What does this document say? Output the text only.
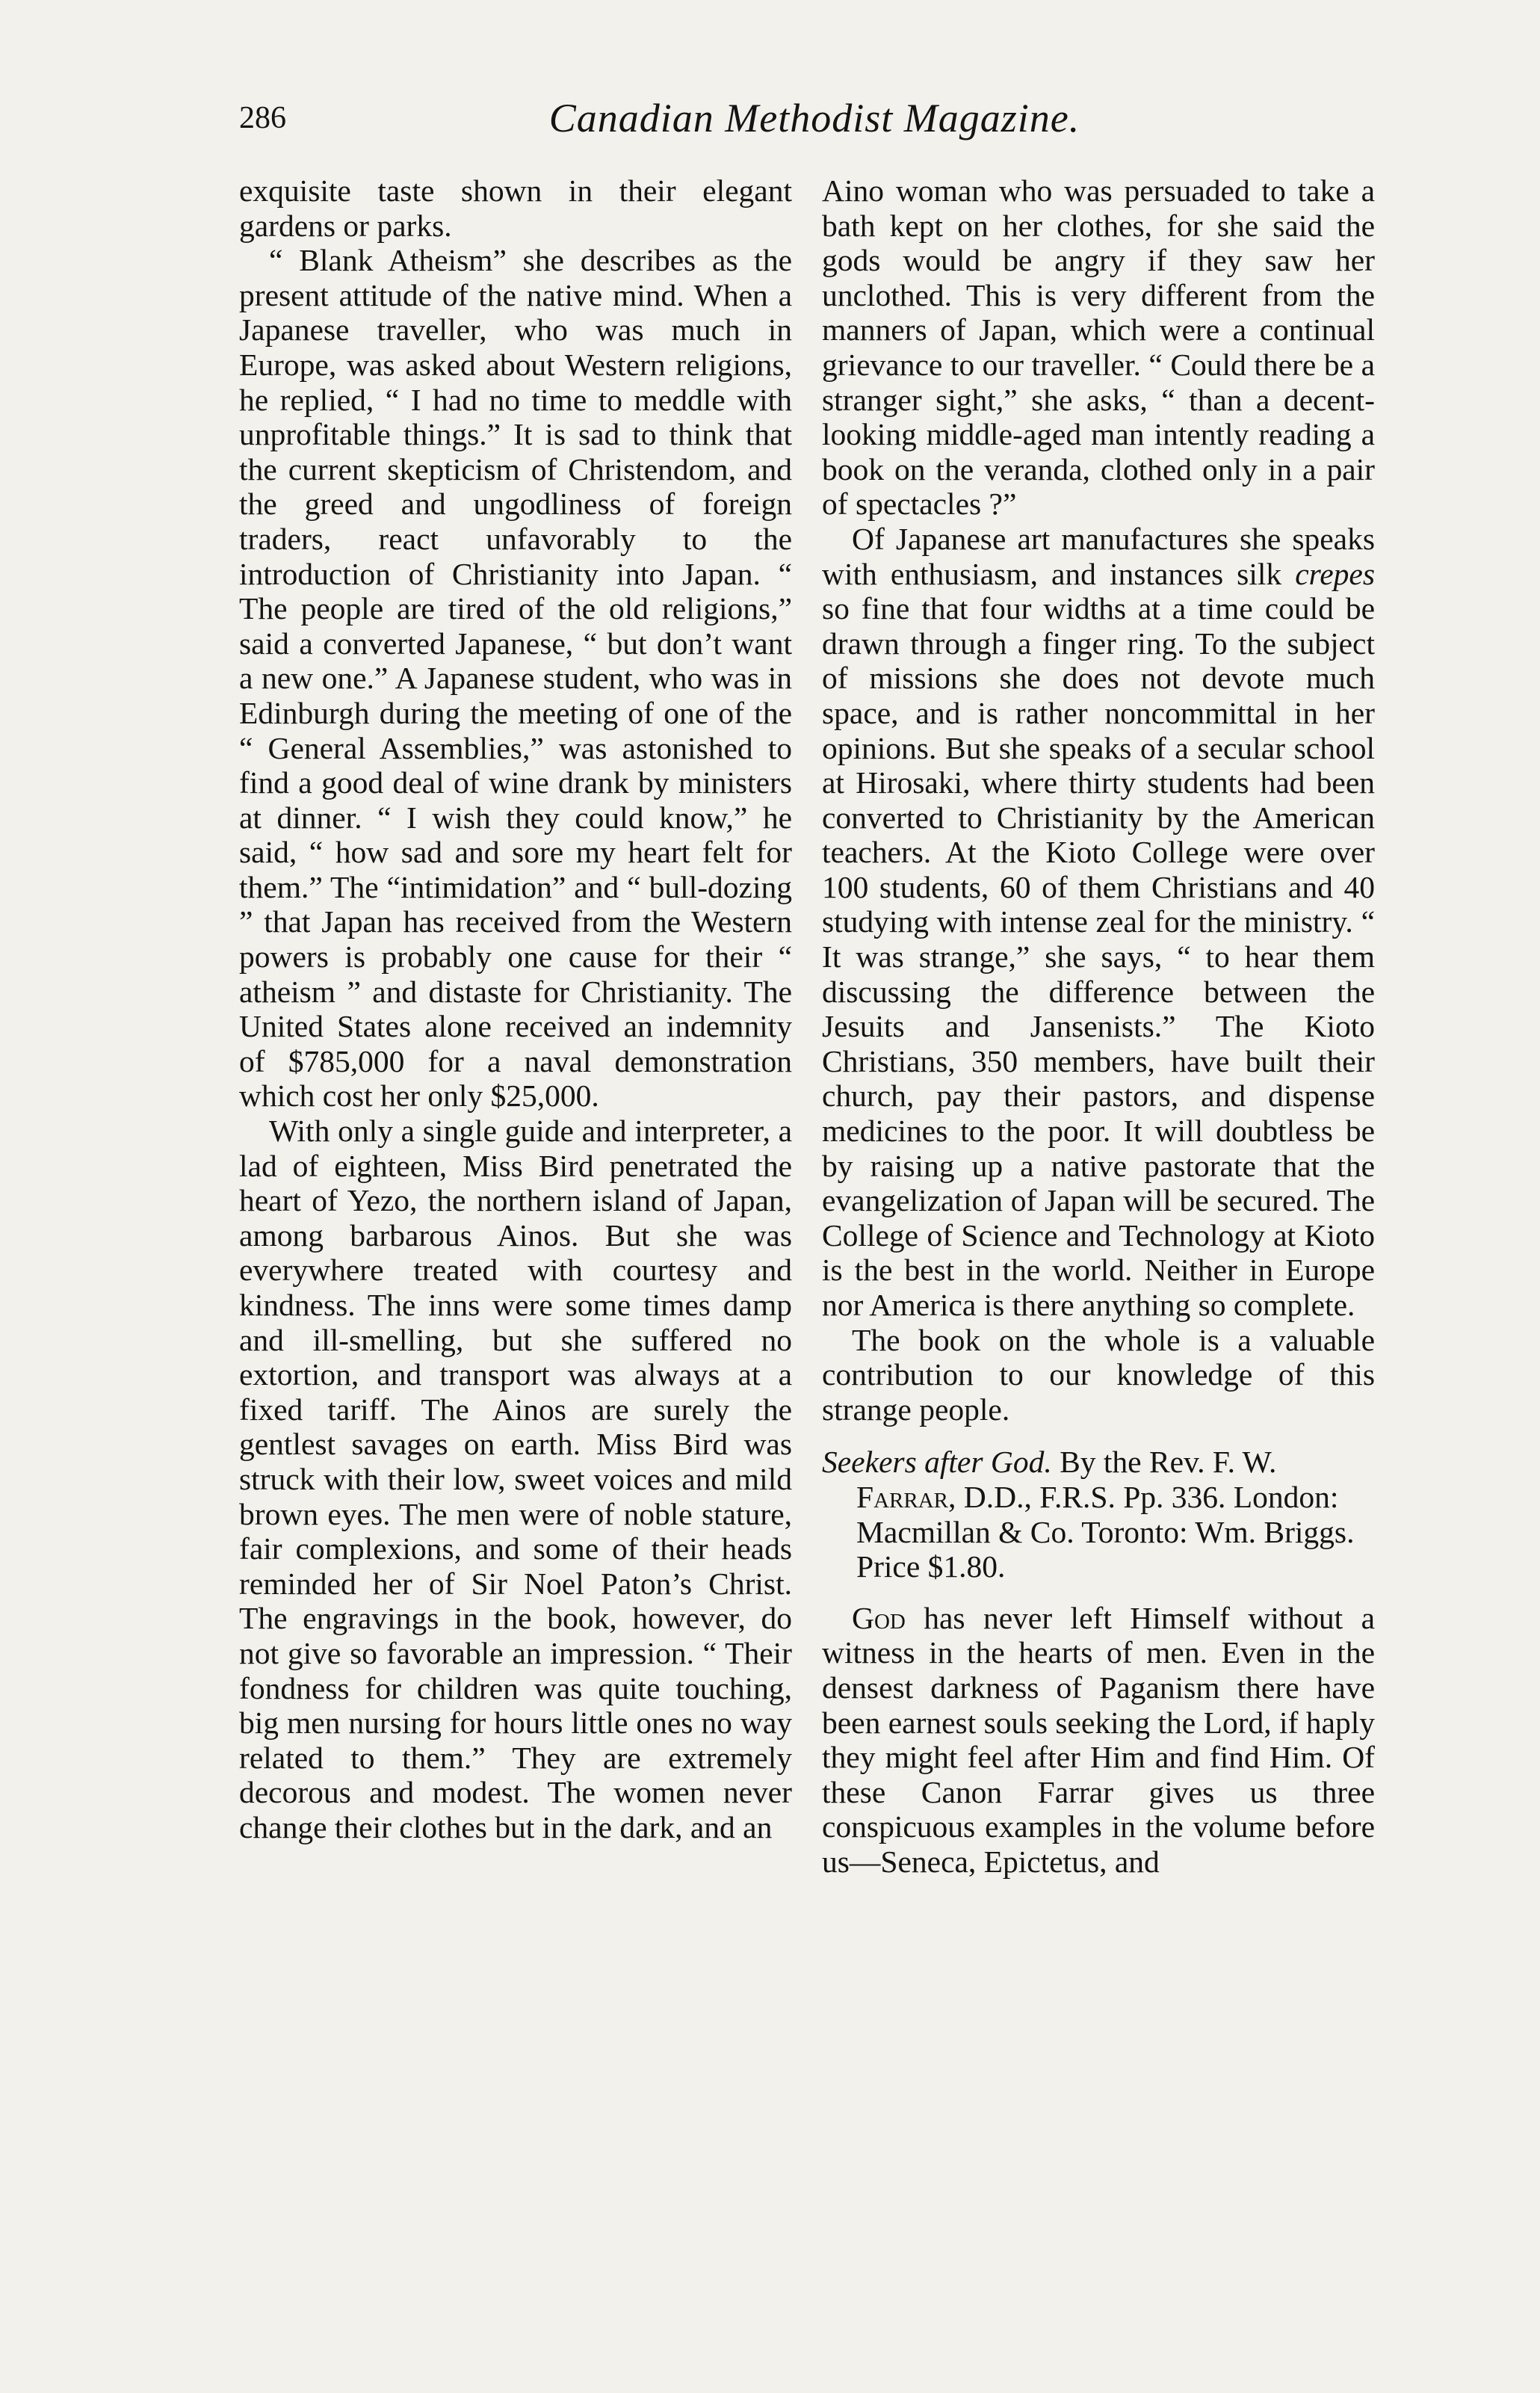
286	Canadian Methodist Magazine.

exquisite taste shown in their elegant gardens or parks.

“ Blank Atheism” she describes as the present attitude of the native mind. When a Japanese traveller, who was much in Europe, was asked about Western religions, he replied, “ I had no time to meddle with unprofitable things.” It is sad to think that the current skepticism of Christendom, and the greed and ungodliness of foreign traders, react unfavorably to the introduction of Christianity into Japan. “ The people are tired of the old religions,” said a converted Japanese, “ but don’t want a new one.” A Japanese student, who was in Edinburgh during the meeting of one of the “ General Assemblies,” was astonished to find a good deal of wine drank by ministers at dinner. “ I wish they could know,” he said, “ how sad and sore my heart felt for them.” The “intimidation” and “ bull-dozing ” that Japan has received from the Western powers is probably one cause for their “ atheism ” and distaste for Christianity. The United States alone received an indemnity of $785,000 for a naval demonstration which cost her only $25,000.

With only a single guide and interpreter, a lad of eighteen, Miss Bird penetrated the heart of Yezo, the northern island of Japan, among barbarous Ainos. But she was everywhere treated with courtesy and kindness. The inns were some times damp and ill-smelling, but she suffered no extortion, and transport was always at a fixed tariff. The Ainos are surely the gentlest savages on earth. Miss Bird was struck with their low, sweet voices and mild brown eyes. The men were of noble stature, fair complexions, and some of their heads reminded her of Sir Noel Paton’s Christ. The engravings in the book, however, do not give so favorable an impression. “ Their fondness for children was quite touching, big men nursing for hours little ones no way related to them.” They are extremely decorous and modest. The women never change their clothes but in the dark, and an

Aino woman who was persuaded to take a bath kept on her clothes, for she said the gods would be angry if they saw her unclothed. This is very different from the manners of Japan, which were a continual grievance to our traveller. “ Could there be a stranger sight,” she asks, “ than a decent-looking middle-aged man intently reading a book on the veranda, clothed only in a pair of spectacles ?”

Of Japanese art manufactures she speaks with enthusiasm, and instances silk crepes so fine that four widths at a time could be drawn through a finger ring. To the subject of missions she does not devote much space, and is rather noncommittal in her opinions. But she speaks of a secular school at Hirosaki, where thirty students had been converted to Christianity by the American teachers. At the Kioto College were over 100 students, 60 of them Christians and 40 studying with intense zeal for the ministry. “ It was strange,” she says, “ to hear them discussing the difference between the Jesuits and Jansenists.” The Kioto Christians, 350 members, have built their church, pay their pastors, and dispense medicines to the poor. It will doubtless be by raising up a native pastorate that the evangelization of Japan will be secured. The College of Science and Technology at Kioto is the best in the world. Neither in Europe nor America is there anything so complete.

The book on the whole is a valuable contribution to our knowledge of this strange people.

Seekers after God. By the Rev. F. W. Farrar, D.D., F.R.S. Pp. 336. London: Macmillan & Co. Toronto: Wm. Briggs. Price $1.80.

God has never left Himself without a witness in the hearts of men. Even in the densest darkness of Paganism there have been earnest souls seeking the Lord, if haply they might feel after Him and find Him. Of these Canon Farrar gives us three conspicuous examples in the volume before us—Seneca, Epictetus, and
